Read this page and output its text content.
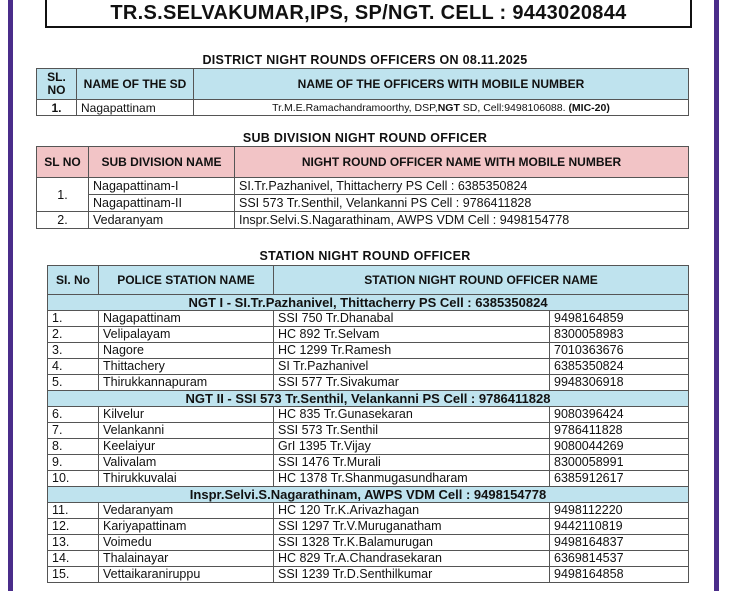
TR.S.SELVAKUMAR,IPS, SP/NGT. CELL : 9443020844
DISTRICT NIGHT ROUNDS OFFICERS ON 08.11.2025
SL. NO	NAME OF THE SD	NAME OF THE OFFICERS WITH MOBILE NUMBER
1.	Nagapattinam	Tr.M.E.Ramachandramoorthy, DSP,NGT SD, Cell:9498106088. (MIC-20)
SUB DIVISION NIGHT ROUND OFFICER
SL NO	SUB DIVISION NAME	NIGHT ROUND OFFICER NAME WITH MOBILE NUMBER
1.	Nagapattinam-I	SI.Tr.Pazhanivel, Thittacherry PS Cell : 6385350824
	Nagapattinam-II	SSI 573 Tr.Senthil, Velankanni PS Cell : 9786411828
2.	Vedaranyam	Inspr.Selvi.S.Nagarathinam, AWPS VDM Cell : 9498154778
STATION NIGHT ROUND OFFICER
SI. No	POLICE STATION NAME	STATION NIGHT ROUND OFFICER NAME	
NGT I - SI.Tr.Pazhanivel, Thittacherry PS Cell : 6385350824			
1.	Nagapattinam	SSI 750 Tr.Dhanabal	9498164859
2.	Velipalayam	HC 892 Tr.Selvam	8300058983
3.	Nagore	HC 1299 Tr.Ramesh	7010363676
4.	Thittachery	SI Tr.Pazhanivel	6385350824
5.	Thirukkannapuram	SSI 577 Tr.Sivakumar	9948306918
NGT II - SSI 573 Tr.Senthil, Velankanni PS Cell : 9786411828			
6.	Kilvelur	HC 835 Tr.Gunasekaran	9080396424
7.	Velankanni	SSI 573 Tr.Senthil	9786411828
8.	Keelaiyur	GrI 1395 Tr.Vijay	9080044269
9.	Valivalam	SSI 1476 Tr.Murali	8300058991
10.	Thirukkuvalai	HC 1378 Tr.Shanmugasundharam	6385912617
Inspr.Selvi.S.Nagarathinam, AWPS VDM Cell : 9498154778			
11.	Vedaranyam	HC 120 Tr.K.Arivazhagan	9498112220
12.	Kariyapattinam	SSI 1297 Tr.V.Muruganatham	9442110819
13.	Voimedu	SSI 1328 Tr.K.Balamurugan	9498164837
14.	Thalainayar	HC 829 Tr.A.Chandrasekaran	6369814537
15.	Vettaikaraniruppu	SSI 1239 Tr.D.Senthilkumar	9498164858
